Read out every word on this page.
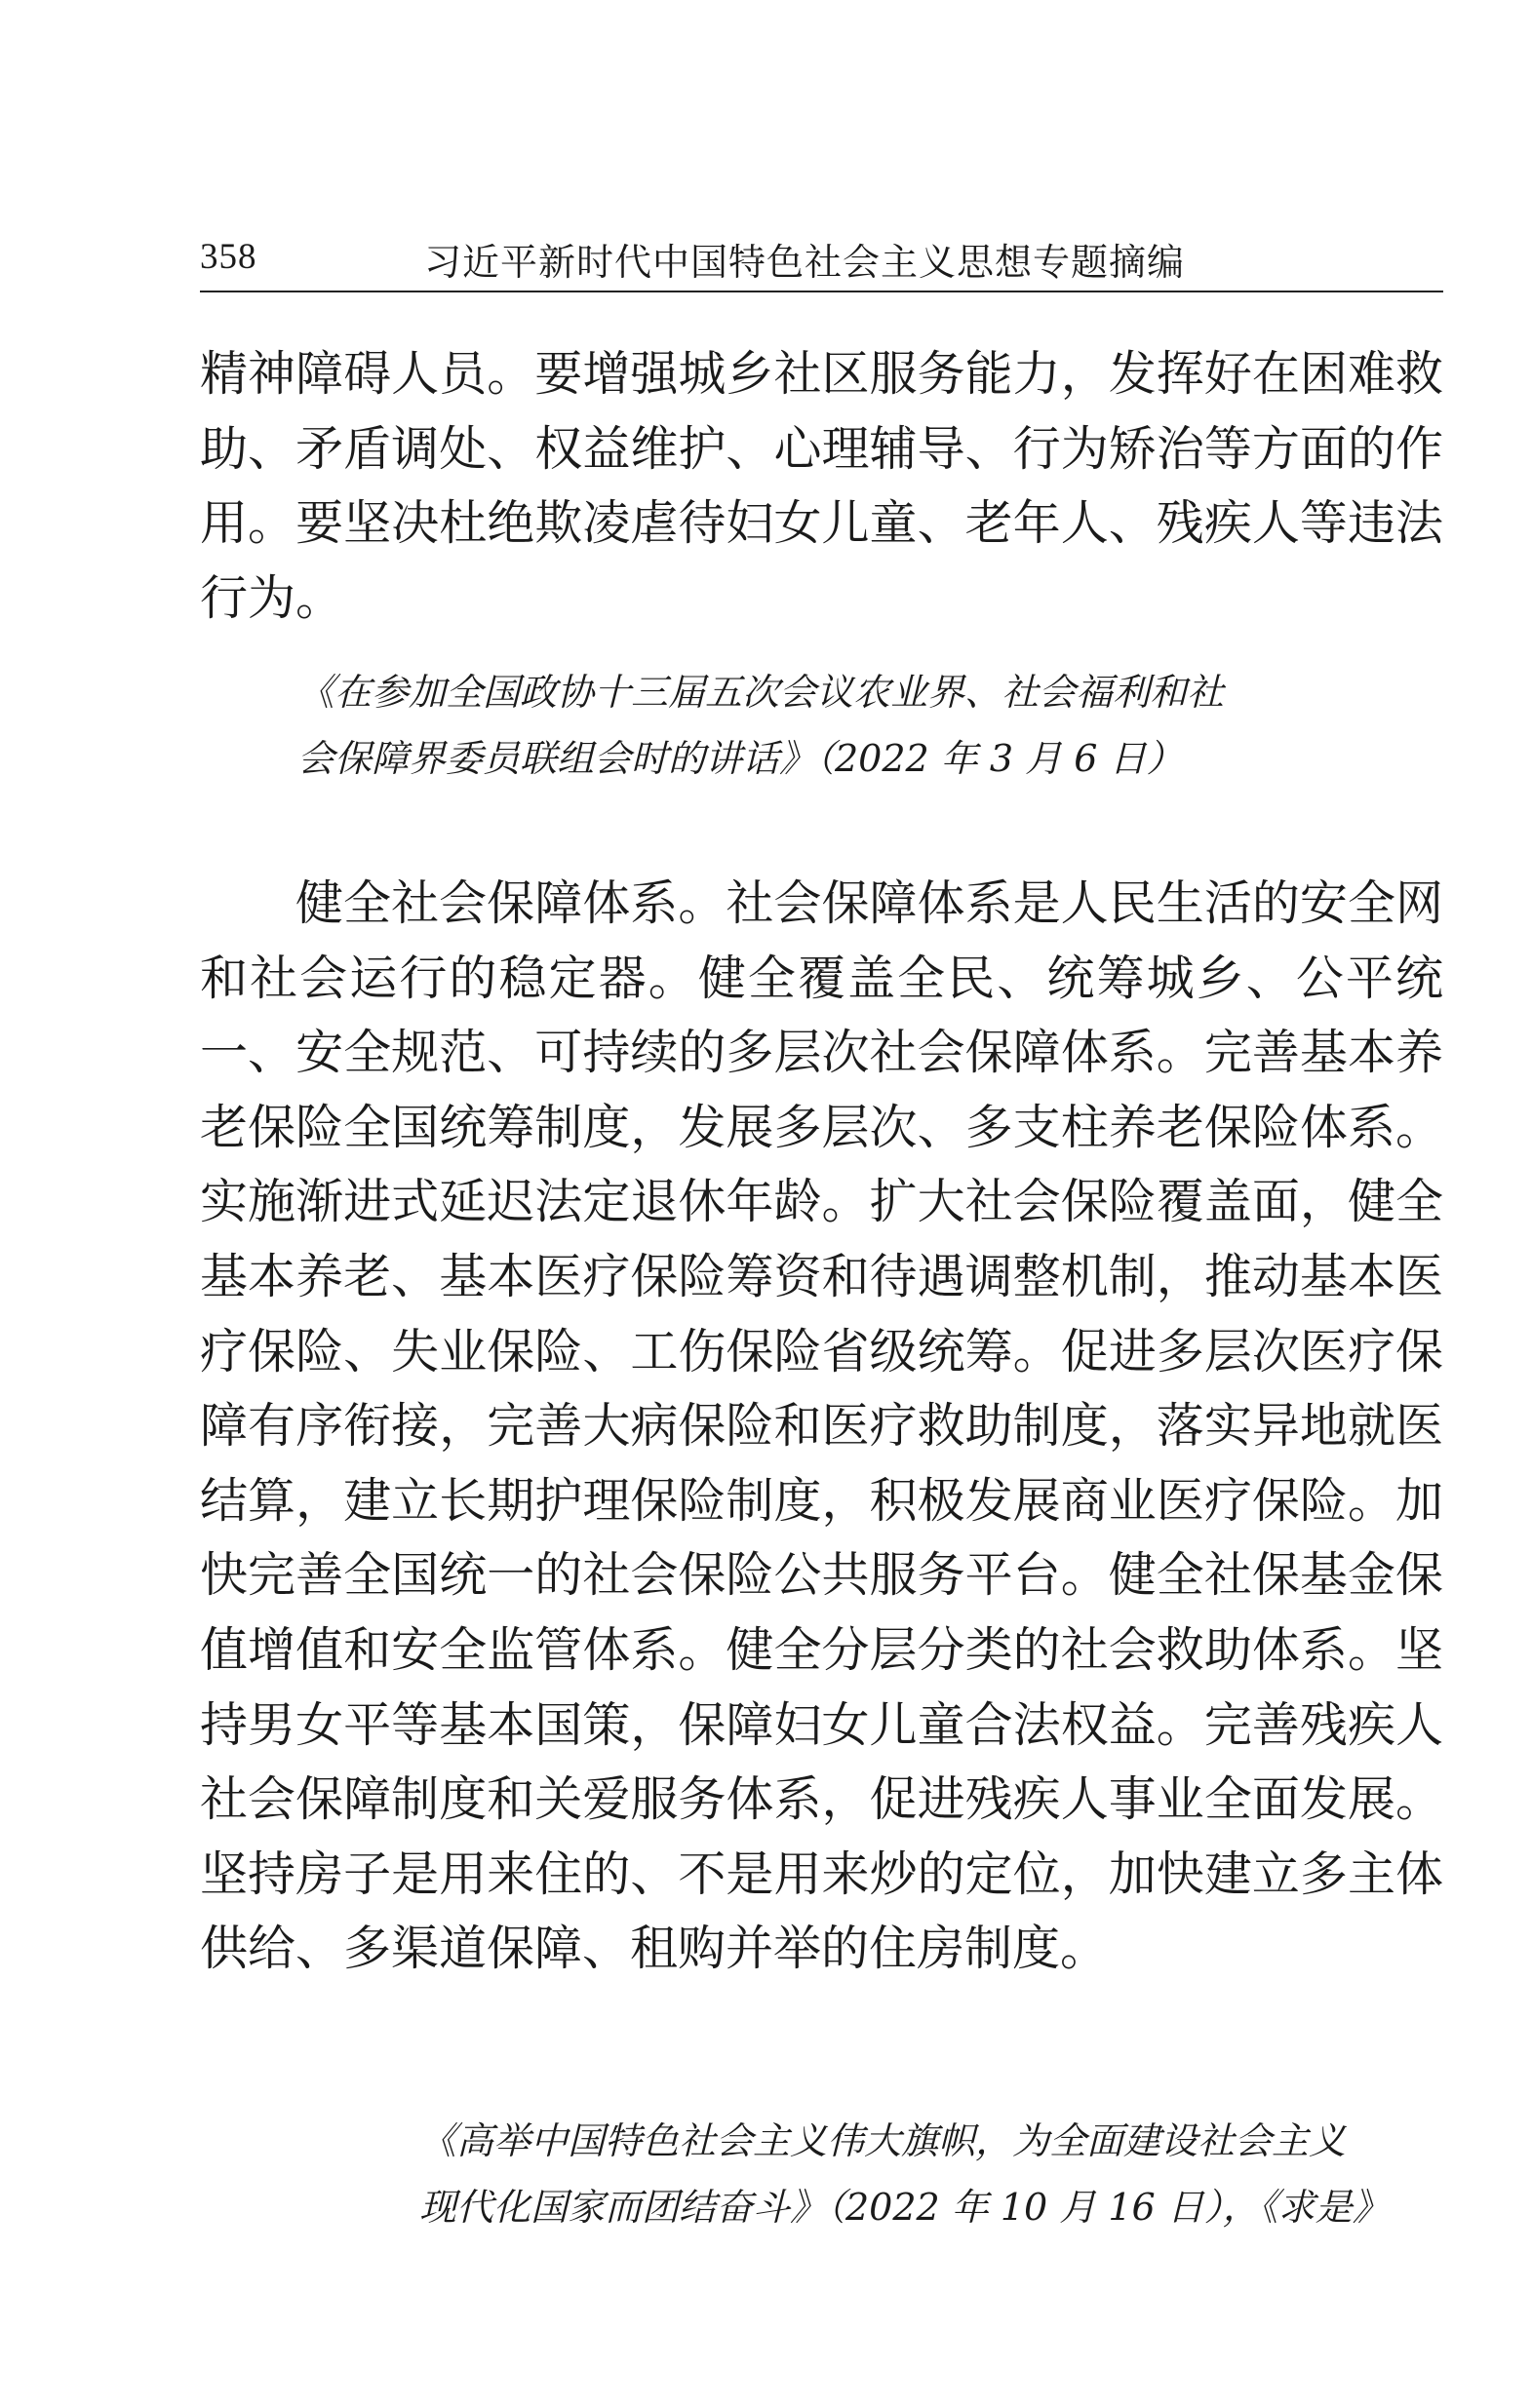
358	习近平新时代中国特色社会主义思想专题摘编

精神障碍人员。要增强城乡社区服务能力，发挥好在困难救助、矛盾调处、权益维护、心理辅导、行为矫治等方面的作用。要坚决杜绝欺凌虐待妇女儿童、老年人、残疾人等违法行为。

《在参加全国政协十三届五次会议农业界、社会福利和社
会保障界委员联组会时的讲话》（2022 年 3 月 6 日）

健全社会保障体系。社会保障体系是人民生活的安全网和社会运行的稳定器。健全覆盖全民、统筹城乡、公平统一、安全规范、可持续的多层次社会保障体系。完善基本养老保险全国统筹制度，发展多层次、多支柱养老保险体系。实施渐进式延迟法定退休年龄。扩大社会保险覆盖面，健全基本养老、基本医疗保险筹资和待遇调整机制，推动基本医疗保险、失业保险、工伤保险省级统筹。促进多层次医疗保障有序衔接，完善大病保险和医疗救助制度，落实异地就医结算，建立长期护理保险制度，积极发展商业医疗保险。加快完善全国统一的社会保险公共服务平台。健全社保基金保值增值和安全监管体系。健全分层分类的社会救助体系。坚持男女平等基本国策，保障妇女儿童合法权益。完善残疾人社会保障制度和关爱服务体系，促进残疾人事业全面发展。坚持房子是用来住的、不是用来炒的定位，加快建立多主体供给、多渠道保障、租购并举的住房制度。

《高举中国特色社会主义伟大旗帜，为全面建设社会主义
现代化国家而团结奋斗》（2022 年 10 月 16 日），《求是》
